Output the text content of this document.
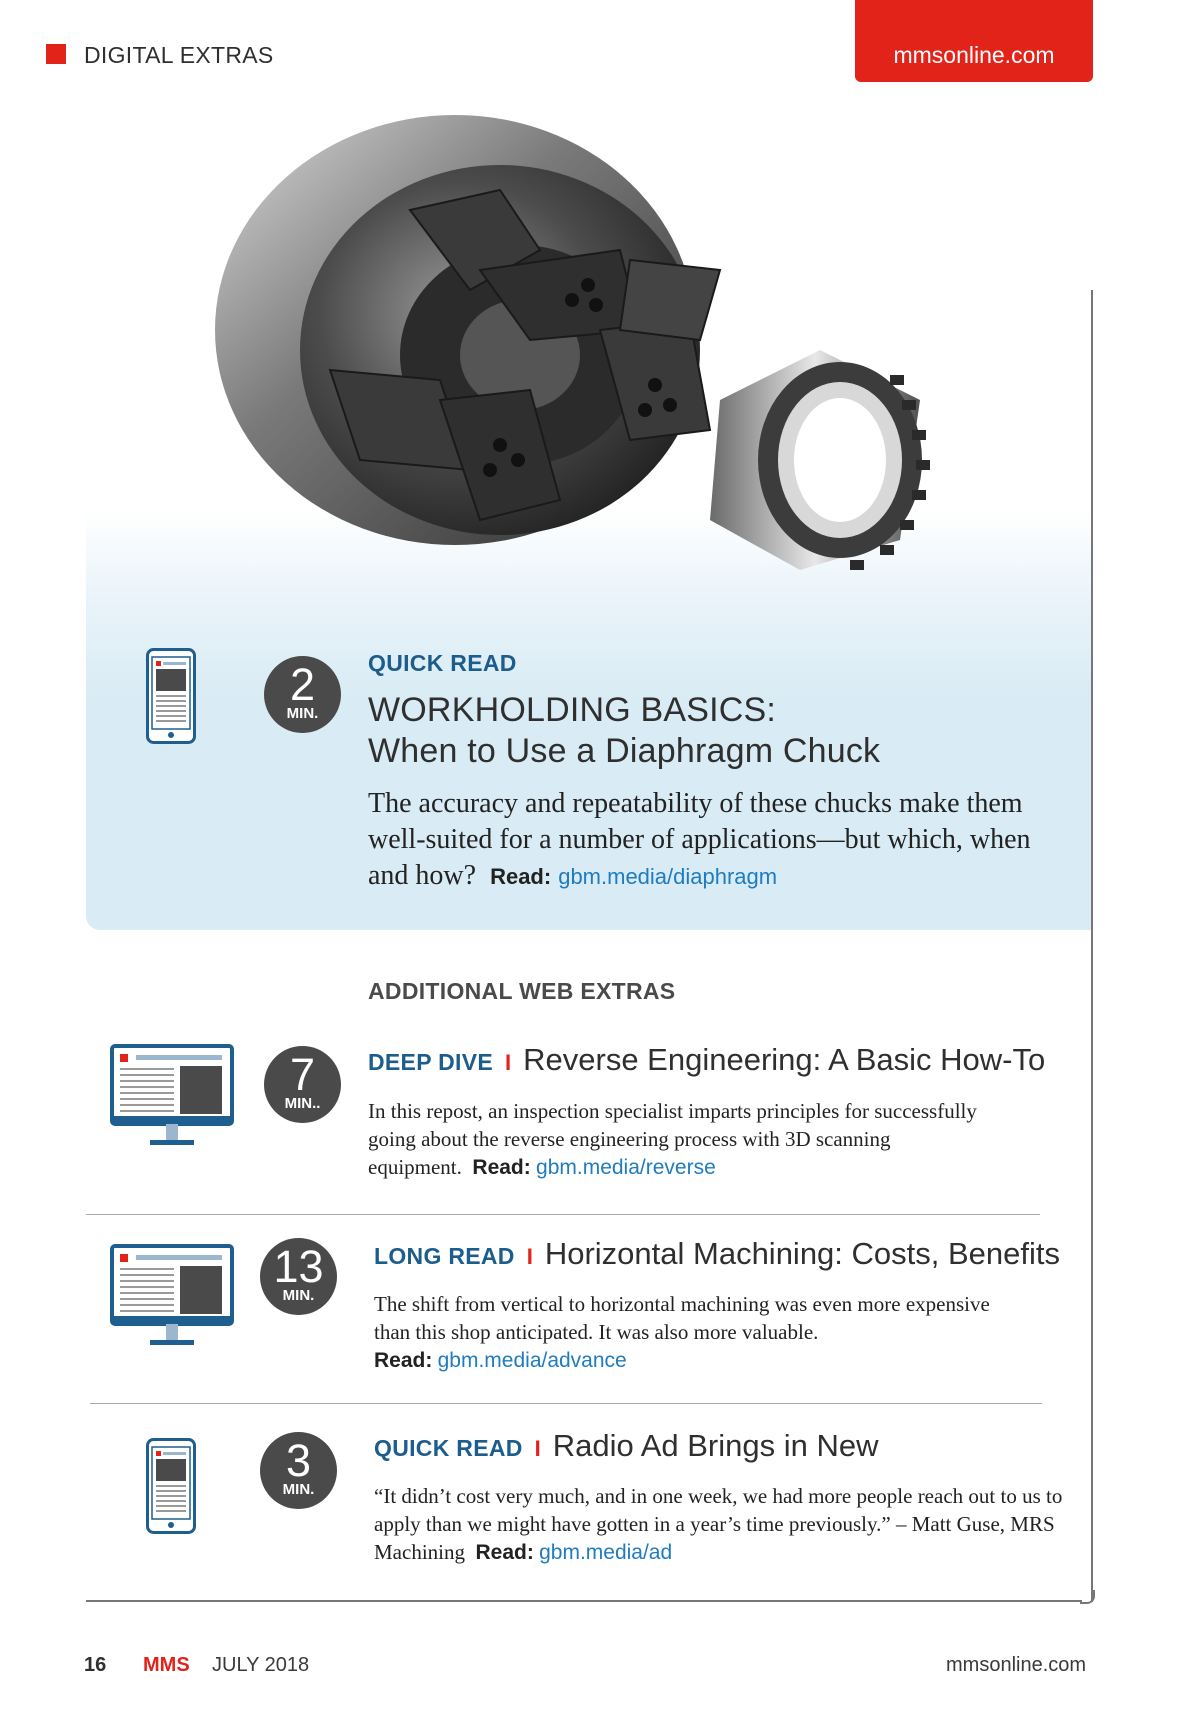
DIGITAL EXTRAS	mmsonline.com
2
MIN.
QUICK READ
WORKHOLDING BASICS:
When to Use a Diaphragm Chuck
The accuracy and repeatability of these chucks make them well-suited for a number of applications—but which, when and how? Read: gbm.media/diaphragm
ADDITIONAL WEB EXTRAS
7
MIN..
DEEP DIVE I Reverse Engineering: A Basic How-To
In this repost, an inspection specialist imparts principles for successfully going about the reverse engineering process with 3D scanning equipment. Read: gbm.media/reverse
13
MIN.
LONG READ I Horizontal Machining: Costs, Benefits
The shift from vertical to horizontal machining was even more expensive than this shop anticipated. It was also more valuable.
Read: gbm.media/advance
3
MIN.
QUICK READ I Radio Ad Brings in New
“It didn’t cost very much, and in one week, we had more people reach out to us to apply than we might have gotten in a year’s time previously.” – Matt Guse, MRS Machining Read: gbm.media/ad
16 MMS JULY 2018	mmsonline.com
